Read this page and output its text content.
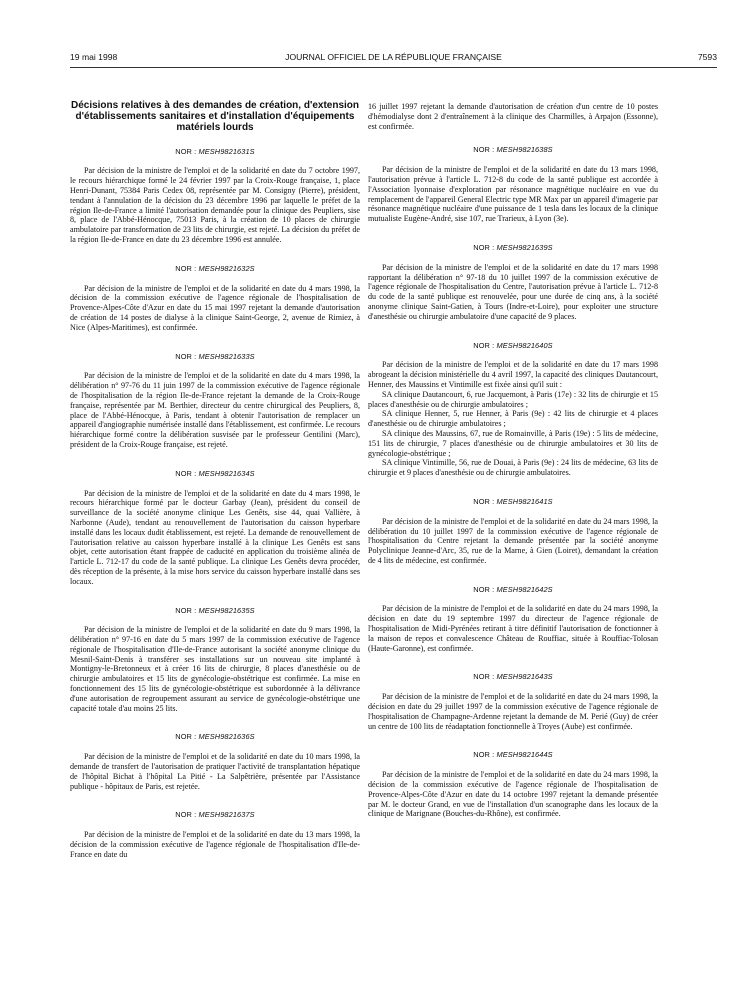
19 mai 1998	JOURNAL OFFICIEL DE LA RÉPUBLIQUE FRANÇAISE	7593
Décisions relatives à des demandes de création, d'extension d'établissements sanitaires et d'installation d'équipements matériels lourds

NOR : MESH9821631S

Par décision de la ministre de l'emploi et de la solidarité en date du 7 octobre 1997, le recours hiérarchique formé le 24 février 1997 par la Croix-Rouge française, 1, place Henri-Dunant, 75384 Paris Cedex 08, représentée par M. Consigny (Pierre), président, tendant à l'annulation de la décision du 23 décembre 1996 par laquelle le préfet de la région Ile-de-France a limité l'autorisation demandée pour la clinique des Peupliers, sise 8, place de l'Abbé-Hénocque, 75013 Paris, à la création de 10 places de chirurgie ambulatoire par transformation de 23 lits de chirurgie, est rejeté. La décision du préfet de la région Ile-de-France en date du 23 décembre 1996 est annulée.

NOR : MESH9821632S

Par décision de la ministre de l'emploi et de la solidarité en date du 4 mars 1998, la décision de la commission exécutive de l'agence régionale de l'hospitalisation de Provence-Alpes-Côte d'Azur en date du 15 mai 1997 rejetant la demande d'autorisation de création de 14 postes de dialyse à la clinique Saint-George, 2, avenue de Rimiez, à Nice (Alpes-Maritimes), est confirmée.

NOR : MESH9821633S

Par décision de la ministre de l'emploi et de la solidarité en date du 4 mars 1998, la délibération n° 97-76 du 11 juin 1997 de la commission exécutive de l'agence régionale de l'hospitalisation de la région Ile-de-France rejetant la demande de la Croix-Rouge française, représentée par M. Berthier, directeur du centre chirurgical des Peupliers, 8, place de l'Abbé-Hénocque, à Paris, tendant à obtenir l'autorisation de remplacer un appareil d'angiographie numérisée installé dans l'établissement, est confirmée. Le recours hiérarchique formé contre la délibération susvisée par le professeur Gentilini (Marc), président de la Croix-Rouge française, est rejeté.

NOR : MESH9821634S

Par décision de la ministre de l'emploi et de la solidarité en date du 4 mars 1998, le recours hiérarchique formé par le docteur Garbay (Jean), président du conseil de surveillance de la société anonyme clinique Les Genêts, sise 44, quai Vallière, à Narbonne (Aude), tendant au renouvellement de l'autorisation du caisson hyperbare installé dans les locaux dudit établissement, est rejeté. La demande de renouvellement de l'autorisation relative au caisson hyperbare installé à la clinique Les Genêts est sans objet, cette autorisation étant frappée de caducité en application du troisième alinéa de l'article L. 712-17 du code de la santé publique. La clinique Les Genêts devra procéder, dès réception de la présente, à la mise hors service du caisson hyperbare installé dans ses locaux.

NOR : MESH9821635S

Par décision de la ministre de l'emploi et de la solidarité en date du 9 mars 1998, la délibération n° 97-16 en date du 5 mars 1997 de la commission exécutive de l'agence régionale de l'hospitalisation d'Ile-de-France autorisant la société anonyme clinique du Mesnil-Saint-Denis à transférer ses installations sur un nouveau site implanté à Montigny-le-Bretonneux et à créer 16 lits de chirurgie, 8 places d'anesthésie ou de chirurgie ambulatoires et 15 lits de gynécologie-obstétrique est confirmée. La mise en fonctionnement des 15 lits de gynécologie-obstétrique est subordonnée à la délivrance d'une autorisation de regroupement assurant au service de gynécologie-obstétrique une capacité totale d'au moins 25 lits.

NOR : MESH9821636S

Par décision de la ministre de l'emploi et de la solidarité en date du 10 mars 1998, la demande de transfert de l'autorisation de pratiquer l'activité de transplantation hépatique de l'hôpital Bichat à l'hôpital La Pitié - La Salpêtrière, présentée par l'Assistance publique - hôpitaux de Paris, est rejetée.

NOR : MESH9821637S

Par décision de la ministre de l'emploi et de la solidarité en date du 13 mars 1998, la décision de la commission exécutive de l'agence régionale de l'hospitalisation d'Ile-de-France en date du

16 juillet 1997 rejetant la demande d'autorisation de création d'un centre de 10 postes d'hémodialyse dont 2 d'entraînement à la clinique des Charmilles, à Arpajon (Essonne), est confirmée.

NOR : MESH9821638S

Par décision de la ministre de l'emploi et de la solidarité en date du 13 mars 1998, l'autorisation prévue à l'article L. 712-8 du code de la santé publique est accordée à l'Association lyonnaise d'exploration par résonance magnétique nucléaire en vue du remplacement de l'appareil General Electric type MR Max par un appareil d'imagerie par résonance magnétique nucléaire d'une puissance de 1 tesla dans les locaux de la clinique mutualiste Eugène-André, sise 107, rue Trarieux, à Lyon (3e).

NOR : MESH9821639S

Par décision de la ministre de l'emploi et de la solidarité en date du 17 mars 1998 rapportant la délibération n° 97-18 du 10 juillet 1997 de la commission exécutive de l'agence régionale de l'hospitalisation du Centre, l'autorisation prévue à l'article L. 712-8 du code de la santé publique est renouvelée, pour une durée de cinq ans, à la société anonyme clinique Saint-Gatien, à Tours (Indre-et-Loire), pour exploiter une structure d'anesthésie ou chirurgie ambulatoire d'une capacité de 9 places.

NOR : MESH9821640S

Par décision de la ministre de l'emploi et de la solidarité en date du 17 mars 1998 abrogeant la décision ministérielle du 4 avril 1997, la capacité des cliniques Dautancourt, Henner, des Maussins et Vintimille est fixée ainsi qu'il suit :

SA clinique Dautancourt, 6, rue Jacquemont, à Paris (17e) : 32 lits de chirurgie et 15 places d'anesthésie ou de chirurgie ambulatoires ;

SA clinique Henner, 5, rue Henner, à Paris (9e) : 42 lits de chirurgie et 4 places d'anesthésie ou de chirurgie ambulatoires ;

SA clinique des Maussins, 67, rue de Romainville, à Paris (19e) : 5 lits de médecine, 151 lits de chirurgie, 7 places d'anesthésie ou de chirurgie ambulatoires et 30 lits de gynécologie-obstétrique ;

SA clinique Vintimille, 56, rue de Douai, à Paris (9e) : 24 lits de médecine, 63 lits de chirurgie et 9 places d'anesthésie ou de chirurgie ambulatoires.

NOR : MESH9821641S

Par décision de la ministre de l'emploi et de la solidarité en date du 24 mars 1998, la délibération du 10 juillet 1997 de la commission exécutive de l'agence régionale de l'hospitalisation du Centre rejetant la demande présentée par la société anonyme Polyclinique Jeanne-d'Arc, 35, rue de la Marne, à Gien (Loiret), demandant la création de 4 lits de médecine, est confirmée.

NOR : MESH9821642S

Par décision de la ministre de l'emploi et de la solidarité en date du 24 mars 1998, la décision en date du 19 septembre 1997 du directeur de l'agence régionale de l'hospitalisation de Midi-Pyrénées retirant à titre définitif l'autorisation de fonctionner à la maison de repos et convalescence Château de Rouffiac, située à Rouffiac-Tolosan (Haute-Garonne), est confirmée.

NOR : MESH9821643S

Par décision de la ministre de l'emploi et de la solidarité en date du 24 mars 1998, la décision en date du 29 juillet 1997 de la commission exécutive de l'agence régionale de l'hospitalisation de Champagne-Ardenne rejetant la demande de M. Perié (Guy) de créer un centre de 100 lits de réadaptation fonctionnelle à Troyes (Aube) est confirmée.

NOR : MESH9821644S

Par décision de la ministre de l'emploi et de la solidarité en date du 24 mars 1998, la décision de la commission exécutive de l'agence régionale de l'hospitalisation de Provence-Alpes-Côte d'Azur en date du 14 octobre 1997 rejetant la demande présentée par M. le docteur Grand, en vue de l'installation d'un scanographe dans les locaux de la clinique de Marignane (Bouches-du-Rhône), est confirmée.
